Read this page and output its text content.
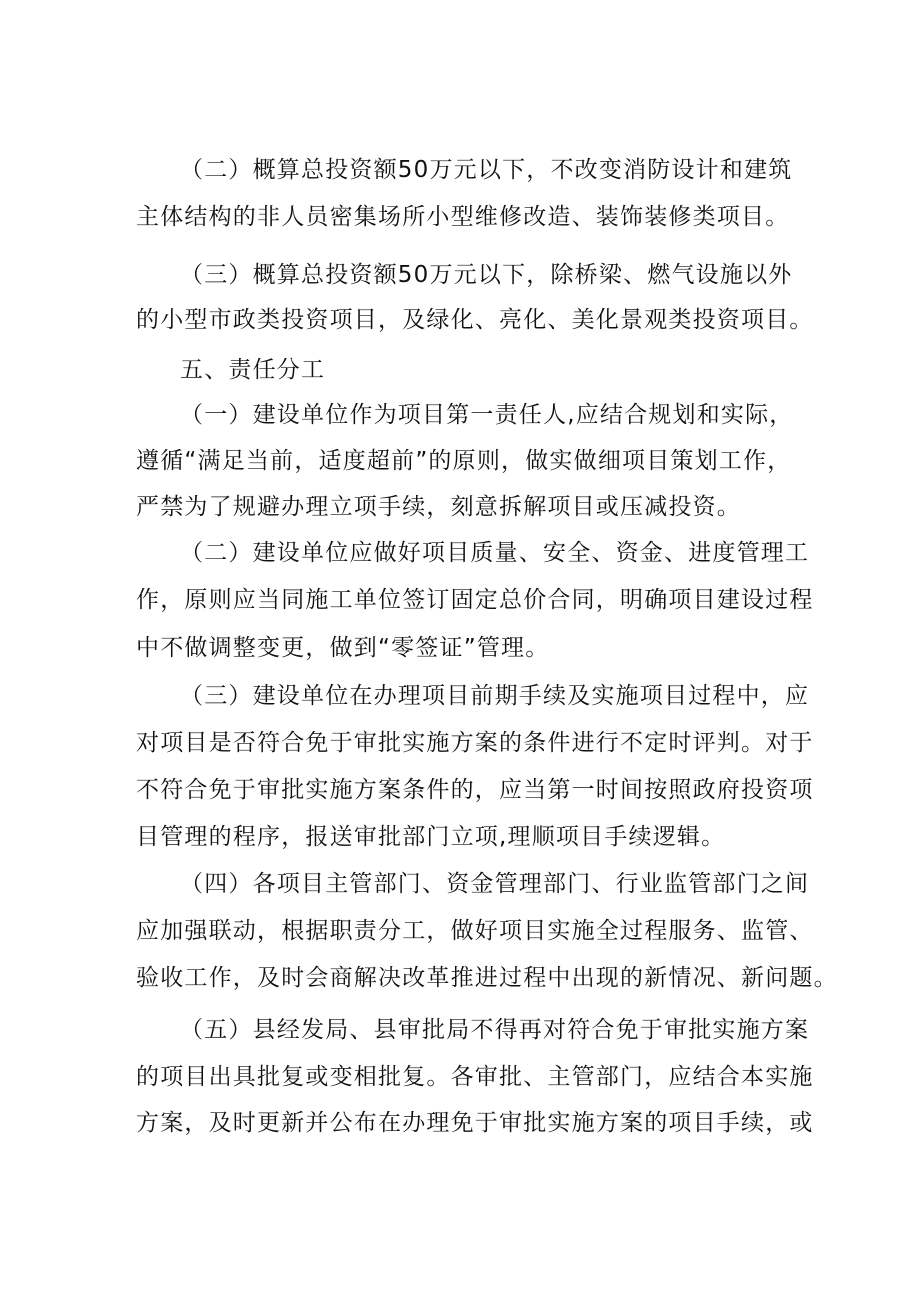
（二）概算总投资额50万元以下，不改变消防设计和建筑
主体结构的非人员密集场所小型维修改造、装饰装修类项目。
（三）概算总投资额50万元以下，除桥梁、燃气设施以外
的小型市政类投资项目，及绿化、亮化、美化景观类投资项目。
五、责任分工
（一）建设单位作为项目第一责任人,应结合规划和实际，
遵循“满足当前，适度超前”的原则，做实做细项目策划工作，
严禁为了规避办理立项手续，刻意拆解项目或压减投资。
（二）建设单位应做好项目质量、安全、资金、进度管理工
作，原则应当同施工单位签订固定总价合同，明确项目建设过程
中不做调整变更，做到“零签证”管理。
（三）建设单位在办理项目前期手续及实施项目过程中，应
对项目是否符合免于审批实施方案的条件进行不定时评判。对于
不符合免于审批实施方案条件的，应当第一时间按照政府投资项
目管理的程序，报送审批部门立项,理顺项目手续逻辑。
（四）各项目主管部门、资金管理部门、行业监管部门之间
应加强联动，根据职责分工，做好项目实施全过程服务、监管、
验收工作，及时会商解决改革推进过程中出现的新情况、新问题。
（五）县经发局、县审批局不得再对符合免于审批实施方案
的项目出具批复或变相批复。各审批、主管部门，应结合本实施
方案，及时更新并公布在办理免于审批实施方案的项目手续，或
